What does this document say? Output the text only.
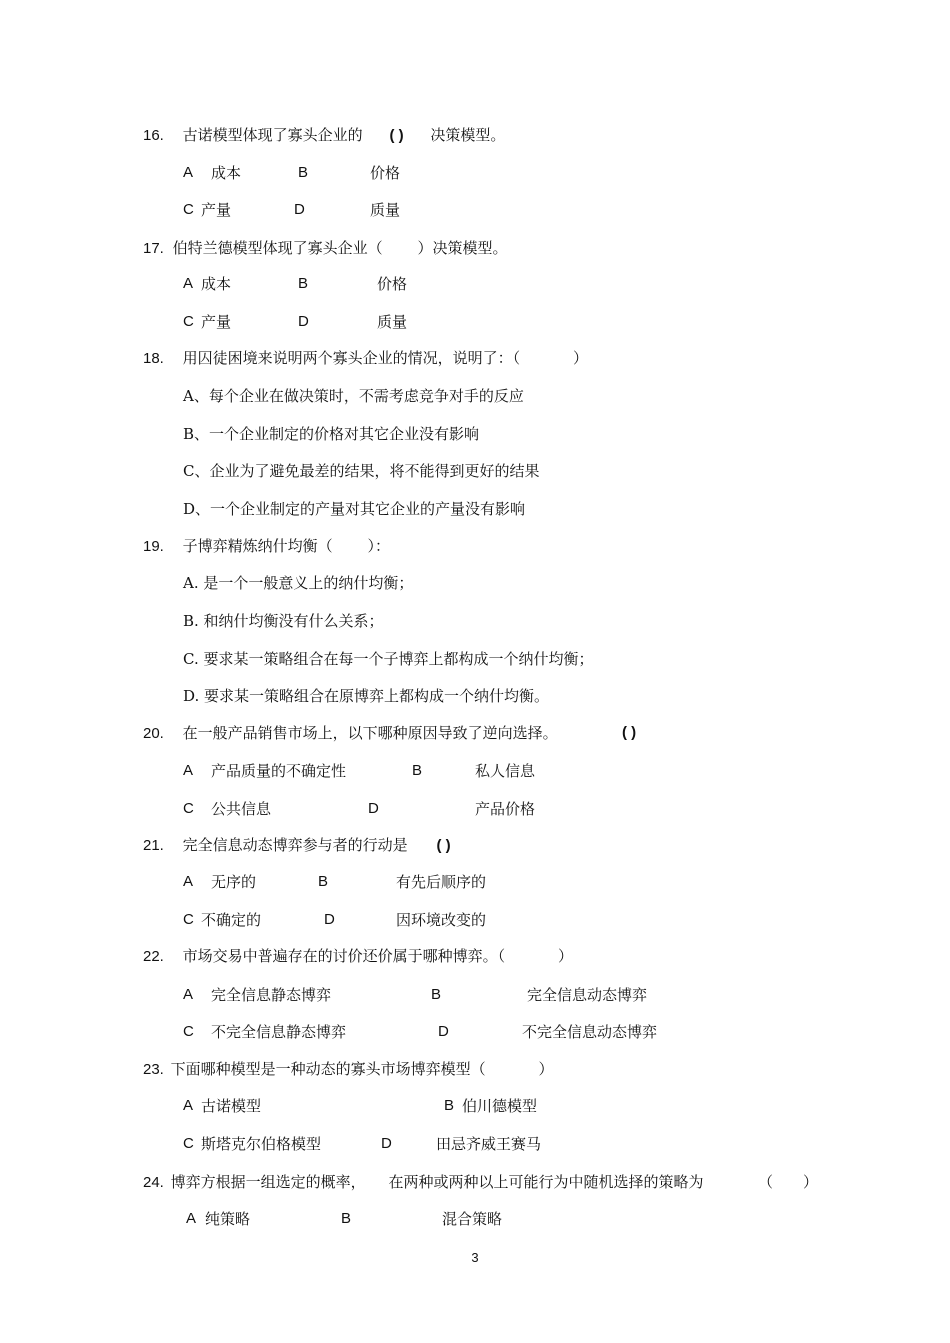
16. 古诺模型体现了寡头企业的 ( ) 决策模型。
A 成本	B	价格
C 产量	D	质量
17. 伯特兰德模型体现了寡头企业（ ）决策模型。
A 成本	B	价格
C 产量	D	质量
18. 用囚徒困境来说明两个寡头企业的情况，说明了：（	）
A、每个企业在做决策时，不需考虑竞争对手的反应
B、一个企业制定的价格对其它企业没有影响
C、企业为了避免最差的结果，将不能得到更好的结果
D、一个企业制定的产量对其它企业的产量没有影响
19. 子博弈精炼纳什均衡（ ）：
A. 是一个一般意义上的纳什均衡；
B. 和纳什均衡没有什么关系；
C. 要求某一策略组合在每一个子博弈上都构成一个纳什均衡；
D. 要求某一策略组合在原博弈上都构成一个纳什均衡。
20. 在一般产品销售市场上，以下哪种原因导致了逆向选择。	( )
A 产品质量的不确定性	B	私人信息
C 公共信息	D	产品价格
21. 完全信息动态博弈参与者的行动是 ( )
A 无序的	B	有先后顺序的
C 不确定的	D	因环境改变的
22. 市场交易中普遍存在的讨价还价属于哪种博弈。（	）
A 完全信息静态博弈	B	完全信息动态博弈
C 不完全信息静态博弈	D	不完全信息动态博弈
23. 下面哪种模型是一种动态的寡头市场博弈模型（	）
A 古诺模型	B 伯川德模型
C 斯塔克尔伯格模型	D	田忌齐威王赛马
24. 博弈方根据一组选定的概率， 在两种或两种以上可能行为中随机选择的策略为	（　　）
A 纯策略	B	混合策略
3
